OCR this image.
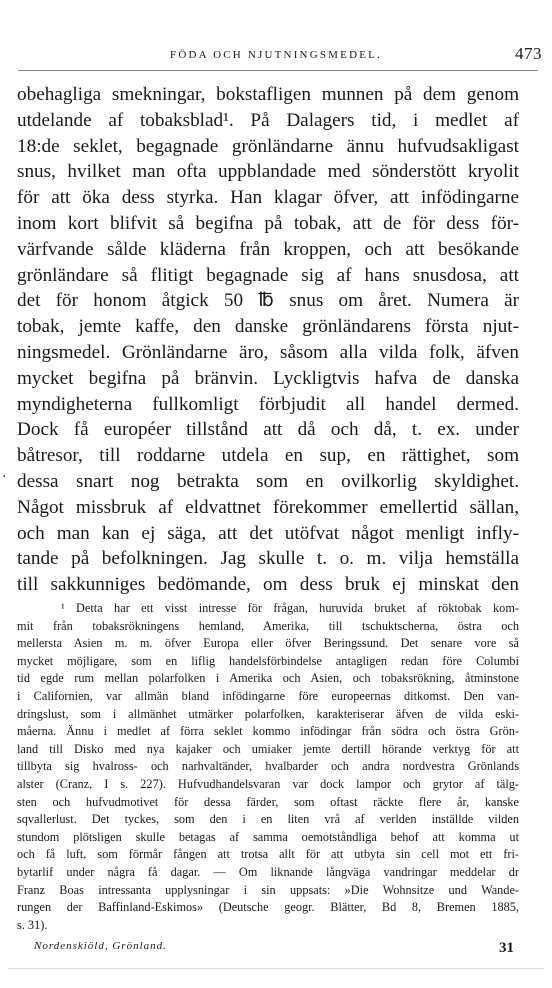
FÖDA OCH NJUTNINGSMEDEL.	473
·
obehagliga smekningar, bokstafligen munnen på dem genom
utdelande af tobaksblad¹. På Dalagers tid, i medlet af
18:de seklet, begagnade grönländarne ännu hufvudsakligast
snus, hvilket man ofta uppblandade med sönderstött kryolit
för att öka dess styrka. Han klagar öfver, att infödingarne
inom kort blifvit så begifna på tobak, att de för dess för-
värfvande sålde kläderna från kroppen, och att besökande
grönländare så flitigt begagnade sig af hans snusdosa, att
det för honom åtgick 50 ℔ snus om året. Numera är
tobak, jemte kaffe, den danske grönländarens första njut-
ningsmedel. Grönländarne äro, såsom alla vilda folk, äfven
mycket begifna på bränvin. Lyckligtvis hafva de danska
myndigheterna fullkomligt förbjudit all handel dermed.
Dock få européer tillstånd att då och då, t. ex. under
båtresor, till roddarne utdela en sup, en rättighet, som
dessa snart nog betrakta som en ovilkorlig skyldighet.
Något missbruk af eldvattnet förekommer emellertid sällan,
och man kan ej säga, att det utöfvat något menligt infly-
tande på befolkningen. Jag skulle t. o. m. vilja hemställa
till sakkunniges bedömande, om dess bruk ej minskat den
¹ Detta har ett visst intresse för frågan, huruvida bruket af röktobak kom-
mit från tobaksrökningens hemland, Amerika, till tschuktscherna, östra och
mellersta Asien m. m. öfver Europa eller öfver Beringssund. Det senare vore så
mycket möjligare, som en liflig handelsförbindelse antagligen redan före Columbi
tid egde rum mellan polarfolken i Amerika och Asien, och tobaksrökning, åtminstone
i Californien, var allmän bland infödingarne före europeernas ditkomst. Den van-
dringslust, som i allmänhet utmärker polarfolken, karakteriserar äfven de vilda eski-
måerna. Ännu i medlet af förra seklet kommo infödingar från södra och östra Grön-
land till Disko med nya kajaker och umiaker jemte dertill hörande verktyg för att
tillbyta sig hvalross- och narhvaltänder, hvalbarder och andra nordvestra Grönlands
alster (Cranz, I s. 227). Hufvudhandelsvaran var dock lampor och grytor af tälg-
sten och hufvudmotivet för dessa färder, som oftast räckte flere år, kanske
sqvallerlust. Det tyckes, som den i en liten vrå af verlden inställde vilden
stundom plötsligen skulle betagas af samma oemotståndliga behof att komma ut
och få luft, som förmår fången att trotsa allt för att utbyta sin cell mot ett fri-
bytarlif under några få dagar. — Om liknande långväga vandringar meddelar dr
Franz Boas intressanta upplysningar i sin uppsats: »Die Wohnsitze und Wande-
rungen der Baffinland-Eskimos» (Deutsche geogr. Blätter, Bd 8, Bremen 1885,
s. 31).
Nordenskiöld, Grönland.	31
